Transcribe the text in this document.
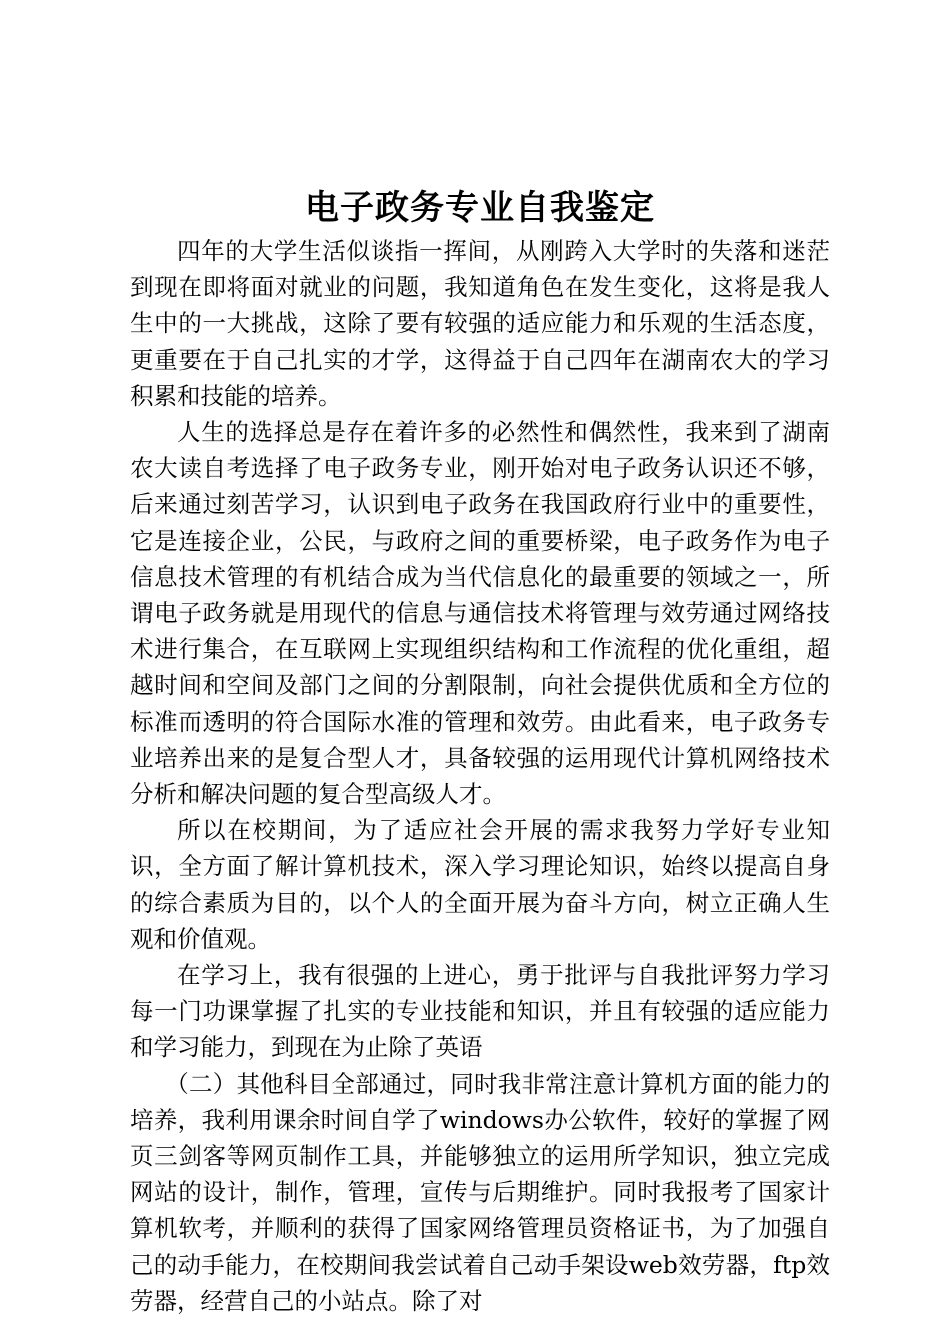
电子政务专业自我鉴定

四年的大学生活似谈指一挥间，从刚跨入大学时的失落和迷茫到现在即将面对就业的问题，我知道角色在发生变化，这将是我人生中的一大挑战，这除了要有较强的适应能力和乐观的生活态度，更重要在于自己扎实的才学，这得益于自己四年在湖南农大的学习积累和技能的培养。

人生的选择总是存在着许多的必然性和偶然性，我来到了湖南农大读自考选择了电子政务专业，刚开始对电子政务认识还不够，后来通过刻苦学习，认识到电子政务在我国政府行业中的重要性，它是连接企业，公民，与政府之间的重要桥梁，电子政务作为电子信息技术管理的有机结合成为当代信息化的最重要的领域之一，所谓电子政务就是用现代的信息与通信技术将管理与效劳通过网络技术进行集合，在互联网上实现组织结构和工作流程的优化重组，超越时间和空间及部门之间的分割限制，向社会提供优质和全方位的标准而透明的符合国际水准的管理和效劳。由此看来，电子政务专业培养出来的是复合型人才，具备较强的运用现代计算机网络技术分析和解决问题的复合型高级人才。

所以在校期间，为了适应社会开展的需求我努力学好专业知识，全方面了解计算机技术，深入学习理论知识，始终以提高自身的综合素质为目的，以个人的全面开展为奋斗方向，树立正确人生观和价值观。

在学习上，我有很强的上进心，勇于批评与自我批评努力学习每一门功课掌握了扎实的专业技能和知识，并且有较强的适应能力和学习能力，到现在为止除了英语

（二）其他科目全部通过，同时我非常注意计算机方面的能力的培养，我利用课余时间自学了windows办公软件，较好的掌握了网页三剑客等网页制作工具，并能够独立的运用所学知识，独立完成网站的设计，制作，管理，宣传与后期维护。同时我报考了国家计算机软考，并顺利的获得了国家网络管理员资格证书，为了加强自己的动手能力，在校期间我尝试着自己动手架设web效劳器，ftp效劳器，经营自己的小站点。除了对
